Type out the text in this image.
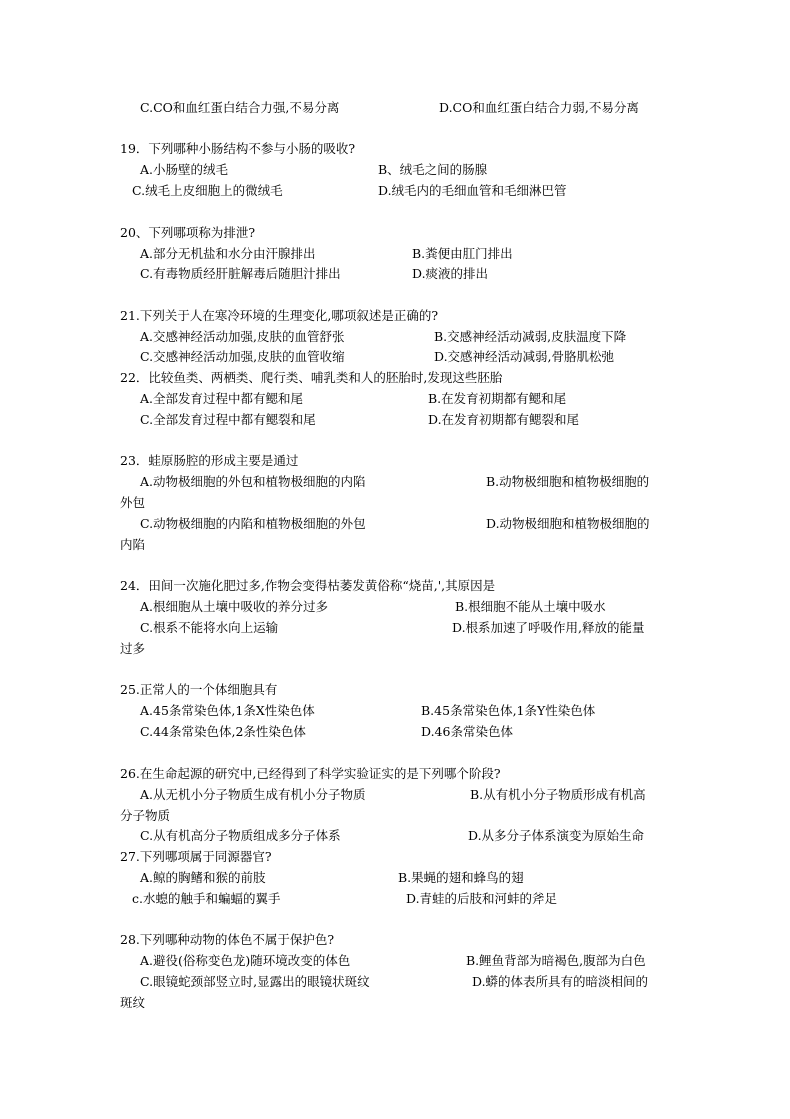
C.CO和血红蛋白结合力强,不易分离	D.CO和血红蛋白结合力弱,不易分离
19．下列哪种小肠结构不参与小肠的吸收?
A.小肠壁的绒毛	B、绒毛之间的肠腺
C.绒毛上皮细胞上的微绒毛	D.绒毛内的毛细血管和毛细淋巴管
20、下列哪项称为排泄?
A.部分无机盐和水分由汗腺排出	B.粪便由肛门排出
C.有毒物质经肝脏解毒后随胆汁排出	D.痰液的排出
21.下列关于人在寒冷环境的生理变化,哪项叙述是正确的?
A.交感神经活动加强,皮肤的血管舒张	B.交感神经活动减弱,皮肤温度下降
C.交感神经活动加强,皮肤的血管收缩	D.交感神经活动减弱,骨胳肌松弛
22．比较鱼类、两栖类、爬行类、哺乳类和人的胚胎时,发现这些胚胎
A.全部发育过程中都有鳃和尾	B.在发育初期都有鳃和尾
C.全部发育过程中都有鳃裂和尾	D.在发育初期都有鳃裂和尾
23．蛙原肠腔的形成主要是通过
A.动物极细胞的外包和植物极细胞的内陷	B.动物极细胞和植物极细胞的
外包
C.动物极细胞的内陷和植物极细胞的外包	D.动物极细胞和植物极细胞的
内陷
24．田间一次施化肥过多,作物会变得枯萎发黄俗称“烧苗,',其原因是
A.根细胞从土壤中吸收的养分过多	B.根细胞不能从土壤中吸水
C.根系不能将水向上运输	D.根系加速了呼吸作用,释放的能量
过多
25.正常人的一个体细胞具有
A.45条常染色体,1条X性染色体	B.45条常染色体,1条Y性染色体
C.44条常染色体,2条性染色体	D.46条常染色体
26.在生命起源的研究中,已经得到了科学实验证实的是下列哪个阶段?
A.从无机小分子物质生成有机小分子物质	B.从有机小分子物质形成有机高
分子物质
C.从有机高分子物质组成多分子体系	D.从多分子体系演变为原始生命
27.下列哪项属于同源器官?
A.鲸的胸鳍和猴的前肢	B.果蝇的翅和蜂鸟的翅
c.水螅的触手和蝙蝠的翼手	D.青蛙的后肢和河蚌的斧足
28.下列哪种动物的体色不属于保护色?
A.避役(俗称变色龙)随环境改变的体色	B.鲤鱼背部为暗褐色,腹部为白色
C.眼镜蛇颈部竖立时,显露出的眼镜状斑纹	D.蟒的体表所具有的暗淡相间的
斑纹
